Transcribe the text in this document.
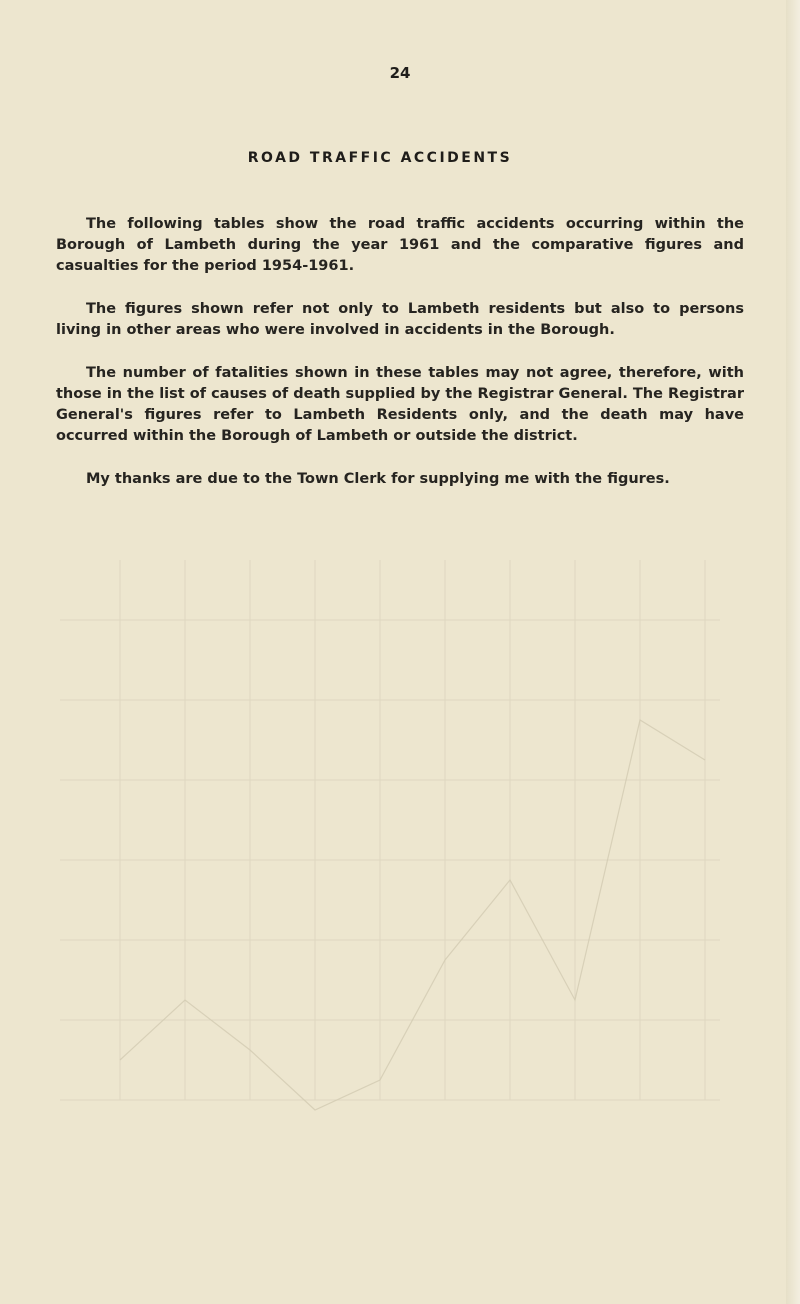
24
ROAD TRAFFIC ACCIDENTS

The following tables show the road traffic accidents occurring within the Borough of Lambeth during the year 1961 and the comparative figures and casualties for the period 1954-1961.

The figures shown refer not only to Lambeth residents but also to persons living in other areas who were involved in accidents in the Borough.

The number of fatalities shown in these tables may not agree, therefore, with those in the list of causes of death supplied by the Registrar General. The Registrar General's figures refer to Lambeth Residents only, and the death may have occurred within the Borough of Lambeth or outside the district.

My thanks are due to the Town Clerk for supplying me with the figures.
